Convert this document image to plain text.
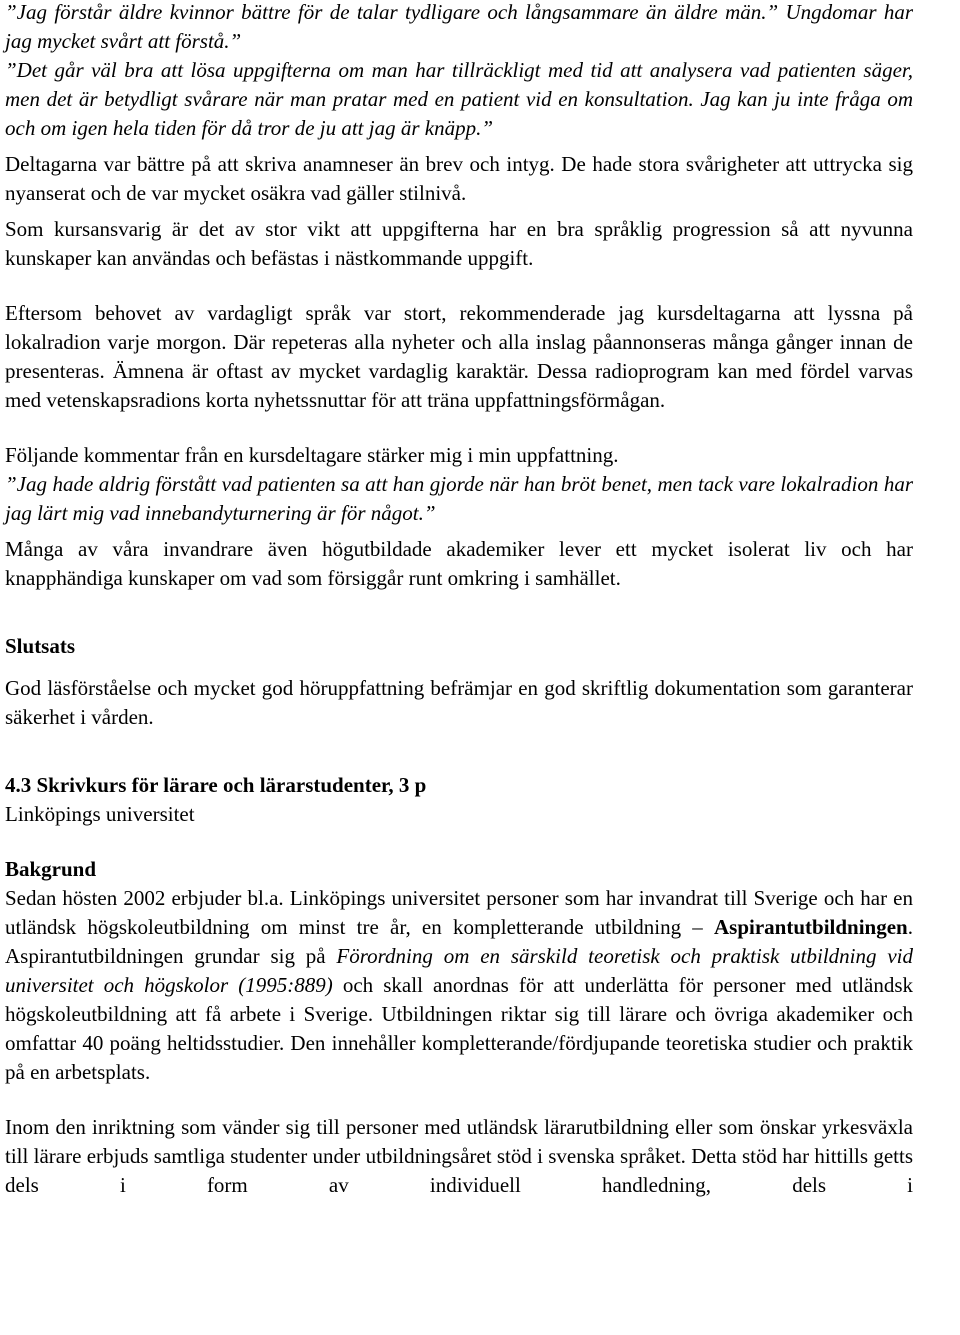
”Jag förstår äldre kvinnor bättre för de talar tydligare och långsammare än äldre män.” Ungdomar har jag mycket svårt att förstå.”

”Det går väl bra att lösa uppgifterna om man har tillräckligt med tid att analysera vad patienten säger, men det är betydligt svårare när man pratar med en patient vid en konsultation. Jag kan ju inte fråga om och om igen hela tiden för då tror de ju att jag är knäpp.”

Deltagarna var bättre på att skriva anamneser än brev och intyg. De hade stora svårigheter att uttrycka sig nyanserat och de var mycket osäkra vad gäller stilnivå.

Som kursansvarig är det av stor vikt att uppgifterna har en bra språklig progression så att nyvunna kunskaper kan användas och befästas i nästkommande uppgift.

Eftersom behovet av vardagligt språk var stort, rekommenderade jag kursdeltagarna att lyssna på lokalradion varje morgon. Där repeteras alla nyheter och alla inslag påannonseras många gånger innan de presenteras. Ämnena är oftast av mycket vardaglig karaktär. Dessa radioprogram kan med fördel varvas med vetenskapsradions korta nyhetssnuttar för att träna uppfattningsförmågan.

Följande kommentar från en kursdeltagare stärker mig i min uppfattning.

”Jag hade aldrig förstått vad patienten sa att han gjorde när han bröt benet, men tack vare lokalradion har jag lärt mig vad innebandyturnering är för något.”

Många av våra invandrare även högutbildade akademiker lever ett mycket isolerat liv och har knapphändiga kunskaper om vad som försiggår runt omkring i samhället.

Slutsats

God läsförståelse och mycket god höruppfattning befrämjar en god skriftlig dokumentation som garanterar säkerhet i vården.

4.3 Skrivkurs för lärare och lärarstudenter, 3 p

Linköpings universitet

Bakgrund

Sedan hösten 2002 erbjuder bl.a. Linköpings universitet personer som har invandrat till Sverige och har en utländsk högskoleutbildning om minst tre år, en kompletterande utbildning – Aspirantutbildningen. Aspirantutbildningen grundar sig på Förordning om en särskild teoretisk och praktisk utbildning vid universitet och högskolor (1995:889) och skall anordnas för att underlätta för personer med utländsk högskoleutbildning att få arbete i Sverige. Utbildningen riktar sig till lärare och övriga akademiker och omfattar 40 poäng heltidsstudier. Den innehåller kompletterande/fördjupande teoretiska studier och praktik på en arbetsplats.

Inom den inriktning som vänder sig till personer med utländsk lärarutbildning eller som önskar yrkesväxla till lärare erbjuds samtliga studenter under utbildningsåret stöd i svenska språket. Detta stöd har hittills getts dels i form av individuell handledning, dels i
